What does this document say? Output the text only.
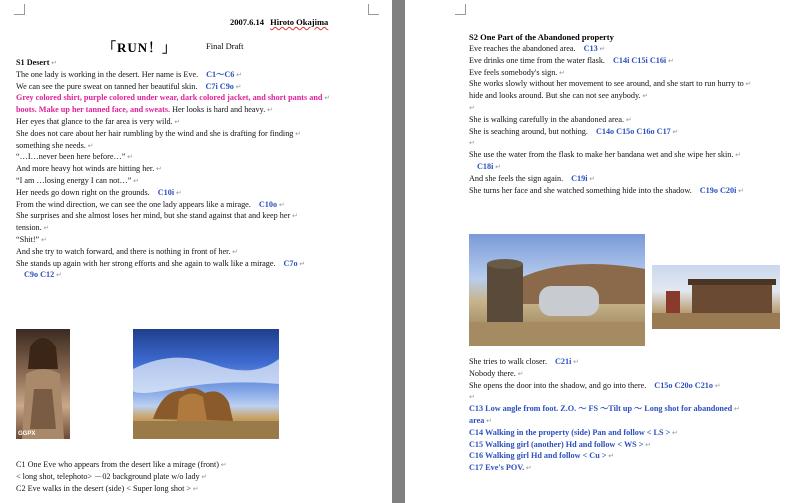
2007.6.14 Hiroto Okajima
「RUN！」	Final Draft
S1 Desert ↵
The one lady is working in the desert. Her name is Eve. C1～C6 ↵
We can see the pure sweat on tanned her beautiful skin. C7i C9o ↵
Grey colored shirt, purple colored under wear, dark colored jacket, and short pants and ↵
boots. Make up her tanned face, and sweats. Her looks is hard and heavy. ↵
Her eyes that glance to the far area is very wild. ↵
She does not care about her hair rumbling by the wind and she is drafting for finding ↵
something she needs. ↵
“…I…never been here before…” ↵
And more heavy hot winds are hitting her. ↵
“I am …losing energy I can not…” ↵
Her needs go down right on the grounds. C10i ↵
From the wind direction, we can see the one lady appears like a mirage. C10o ↵
She surprises and she almost loses her mind, but she stand against that and keep her ↵
tension. ↵
“Shit!” ↵
And she try to watch forward, and there is nothing in front of her. ↵
She stands up again with her strong efforts and she again to walk like a mirage. C7o ↵
C9o C12 ↵
GGPX
C1 One Eve who appears from the desert like a mirage (front) ↵
< long shot, telephoto> －02 background plate w/o lady ↵
C2 Eve walks in the desert (side) < Super long shot > ↵
S2 One Part of the Abandoned property
Eve reaches the abandoned area. C13 ↵
Eve drinks one time from the water flask. C14i C15i C16i ↵
Eve feels somebody's sign. ↵
She works slowly without her movement to see around, and she start to run hurry to ↵
hide and looks around. But she can not see anybody. ↵
↵
She is walking carefully in the abandoned area. ↵
She is seaching around, but nothing. C14o C15o C16o C17 ↵
↵
She use the water from the flask to make her bandana wet and she wipe her skin. ↵
C18i ↵
And she feels the sign again. C19i ↵
She turns her face and she watched something hide into the shadow. C19o C20i ↵
She tries to walk closer. C21i ↵
Nobody there. ↵
She opens the door into the shadow, and go into there. C15o C20o C21o ↵
↵
C13 Low angle from foot. Z.O. ～ FS ～Tilt up ～ Long shot for abandoned ↵
area ↵
C14 Walking in the property (side) Pan and follow < LS > ↵
C15 Walking girl (another) Hd and follow < WS > ↵
C16 Walking girl Hd and follow < Cu > ↵
C17 Eve's POV. ↵
